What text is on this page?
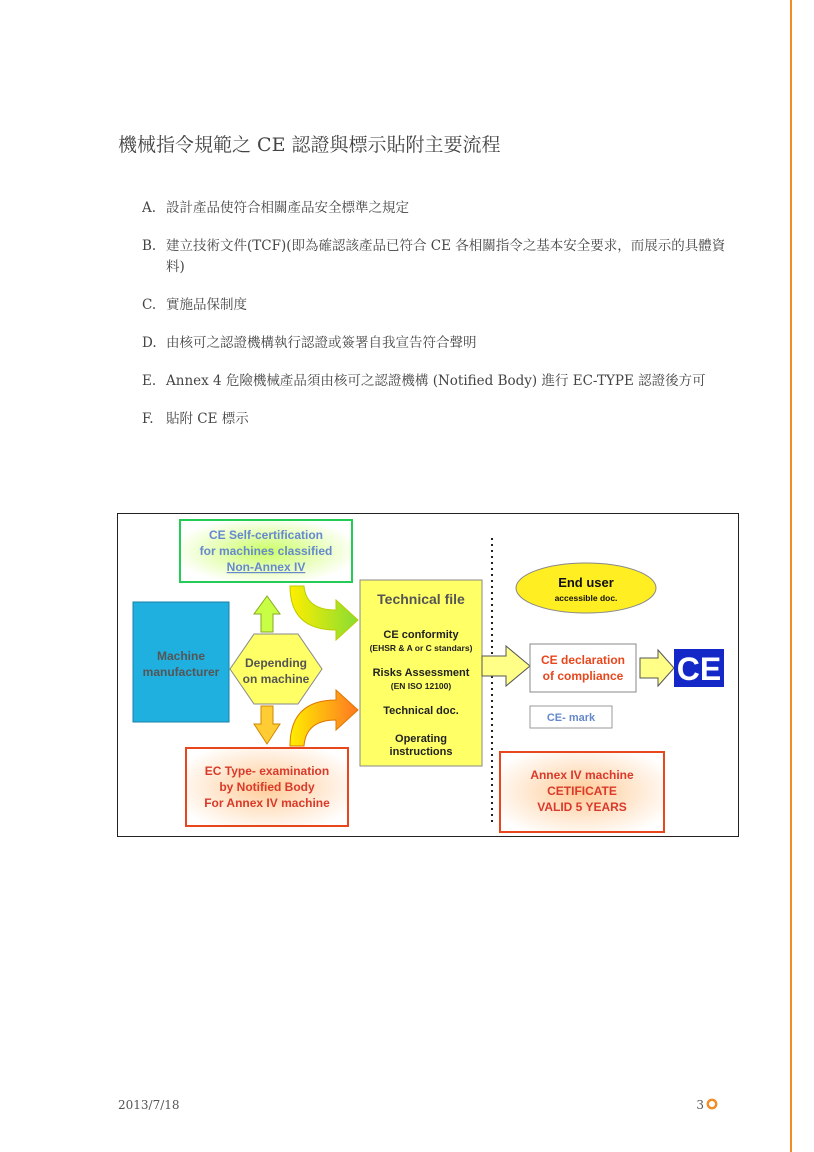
機械指令規範之 CE 認證與標示貼附主要流程
A. 設計產品使符合相關產品安全標準之規定
B. 建立技術文件(TCF)(即為確認該產品已符合 CE 各相關指令之基本安全要求，而展示的具體資料)
C. 實施品保制度
D. 由核可之認證機構執行認證或簽署自我宣告符合聲明
E. Annex 4 危險機械產品須由核可之認證機構 (Notified Body) 進行 EC-TYPE 認證後方可
F. 貼附 CE 標示
CE Self-certification
for machines classified
Non-Annex IV
Machine
manufacturer
Depending
on machine
EC Type- examination
by Notified Body
For Annex IV machine
Technical file
CE conformity
(EHSR & A or C standars)
Risks Assessment
(EN ISO 12100)
Technical doc.
Operating
instructions
End user
accessible doc.
CE declaration
of compliance CE
CE- mark
Annex IV machine
CETIFICATE
VALID 5 YEARS
2013/7/18	3
